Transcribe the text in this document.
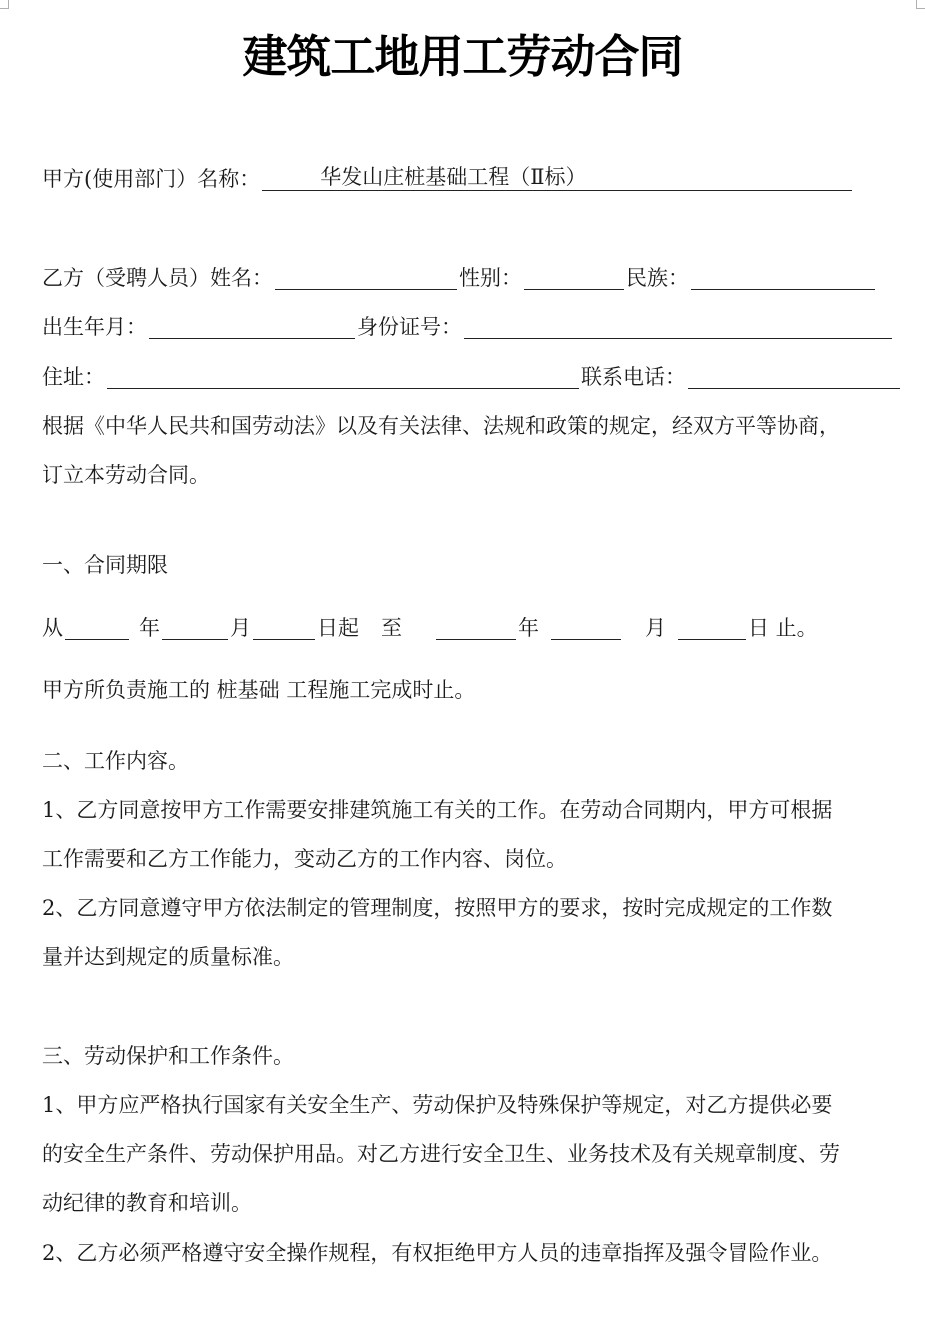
建筑工地用工劳动合同
甲方(使用部门）名称：	华发山庄桩基础工程（Ⅱ标）
乙方（受聘人员）姓名：	性别：	民族：
出生年月：	身份证号：
住址：	联系电话：
根据《中华人民共和国劳动法》以及有关法律、法规和政策的规定，经双方平等协商，
订立本劳动合同。
一、合同期限
从	年	月	日起 至	年	月	日 止。
甲方所负责施工的 桩基础 工程施工完成时止。
二、工作内容。
1、乙方同意按甲方工作需要安排建筑施工有关的工作。在劳动合同期内，甲方可根据
工作需要和乙方工作能力，变动乙方的工作内容、岗位。
2、乙方同意遵守甲方依法制定的管理制度，按照甲方的要求，按时完成规定的工作数
量并达到规定的质量标准。
三、劳动保护和工作条件。
1、甲方应严格执行国家有关安全生产、劳动保护及特殊保护等规定，对乙方提供必要
的安全生产条件、劳动保护用品。对乙方进行安全卫生、业务技术及有关规章制度、劳
动纪律的教育和培训。
2、乙方必须严格遵守安全操作规程，有权拒绝甲方人员的违章指挥及强令冒险作业。
